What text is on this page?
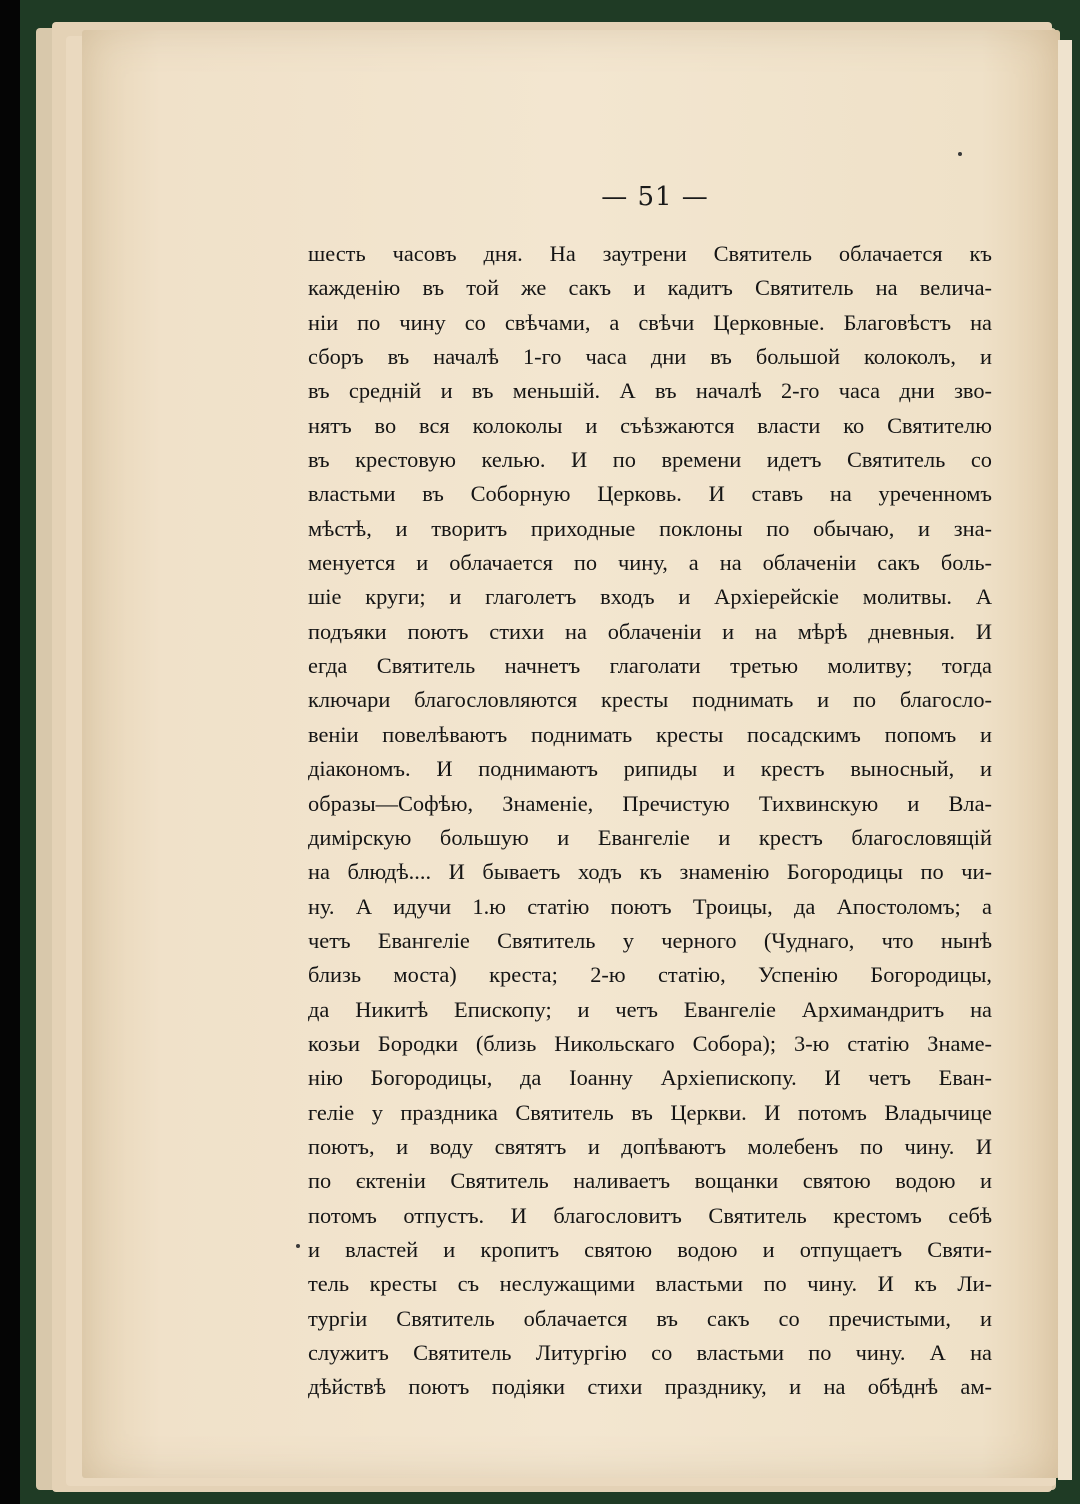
— 51 —
шесть часовъ дня. На заутрени Святитель облачается къ
кажденію въ той же сакъ и кадитъ Святитель на велича-
ніи по чину со свѣчами, а свѣчи Церковные. Благовѣстъ на
сборъ въ началѣ 1-го часа дни въ большой колоколъ, и
въ средній и въ меньшій. А въ началѣ 2-го часа дни зво-
нятъ во вся колоколы и съѣзжаются власти ко Святителю
въ крестовую келью. И по времени идетъ Святитель со
властьми въ Соборную Церковь. И ставъ на уреченномъ
мѣстѣ, и творитъ приходные поклоны по обычаю, и зна-
менуется и облачается по чину, а на облаченіи сакъ боль-
шіе круги; и глаголетъ входъ и Архіерейскіе молитвы. А
подъяки поютъ стихи на облаченіи и на мѣрѣ дневныя. И
егда Святитель начнетъ глаголати третью молитву; тогда
ключари благословляются кресты поднимать и по благосло-
веніи повелѣваютъ поднимать кресты посадскимъ попомъ и
діакономъ. И поднимаютъ рипиды и крестъ выносный, и
образы—Софѣю, Знаменіе, Пречистую Тихвинскую и Вла-
димірскую большую и Евангеліе и крестъ благословящій
на блюдѣ.... И бываетъ ходъ къ знаменію Богородицы по чи-
ну. А идучи 1.ю статію поютъ Троицы, да Апостоломъ; а
четъ Евангеліе Святитель у черного (Чуднаго, что нынѣ
близь моста) креста; 2-ю статію, Успенію Богородицы,
да Никитѣ Епископу; и четъ Евангеліе Архимандритъ на
козьи Бородки (близь Никольскаго Собора); 3-ю статію Знаме-
нію Богородицы, да Іоанну Архіепископу. И четъ Еван-
геліе у праздника Святитель въ Церкви. И потомъ Владычице
поютъ, и воду святятъ и допѣваютъ молебенъ по чину. И
по єктеніи Святитель наливаетъ вощанки святою водою и
потомъ отпустъ. И благословитъ Святитель крестомъ себѣ
и властей и кропитъ святою водою и отпущаетъ Святи-
тель кресты съ неслужащими властьми по чину. И къ Ли-
тургіи Святитель облачается въ сакъ со пречистыми, и
служитъ Святитель Литургію со властьми по чину. А на
дѣйствѣ поютъ подіяки стихи празднику, и на обѣднѣ ам-
